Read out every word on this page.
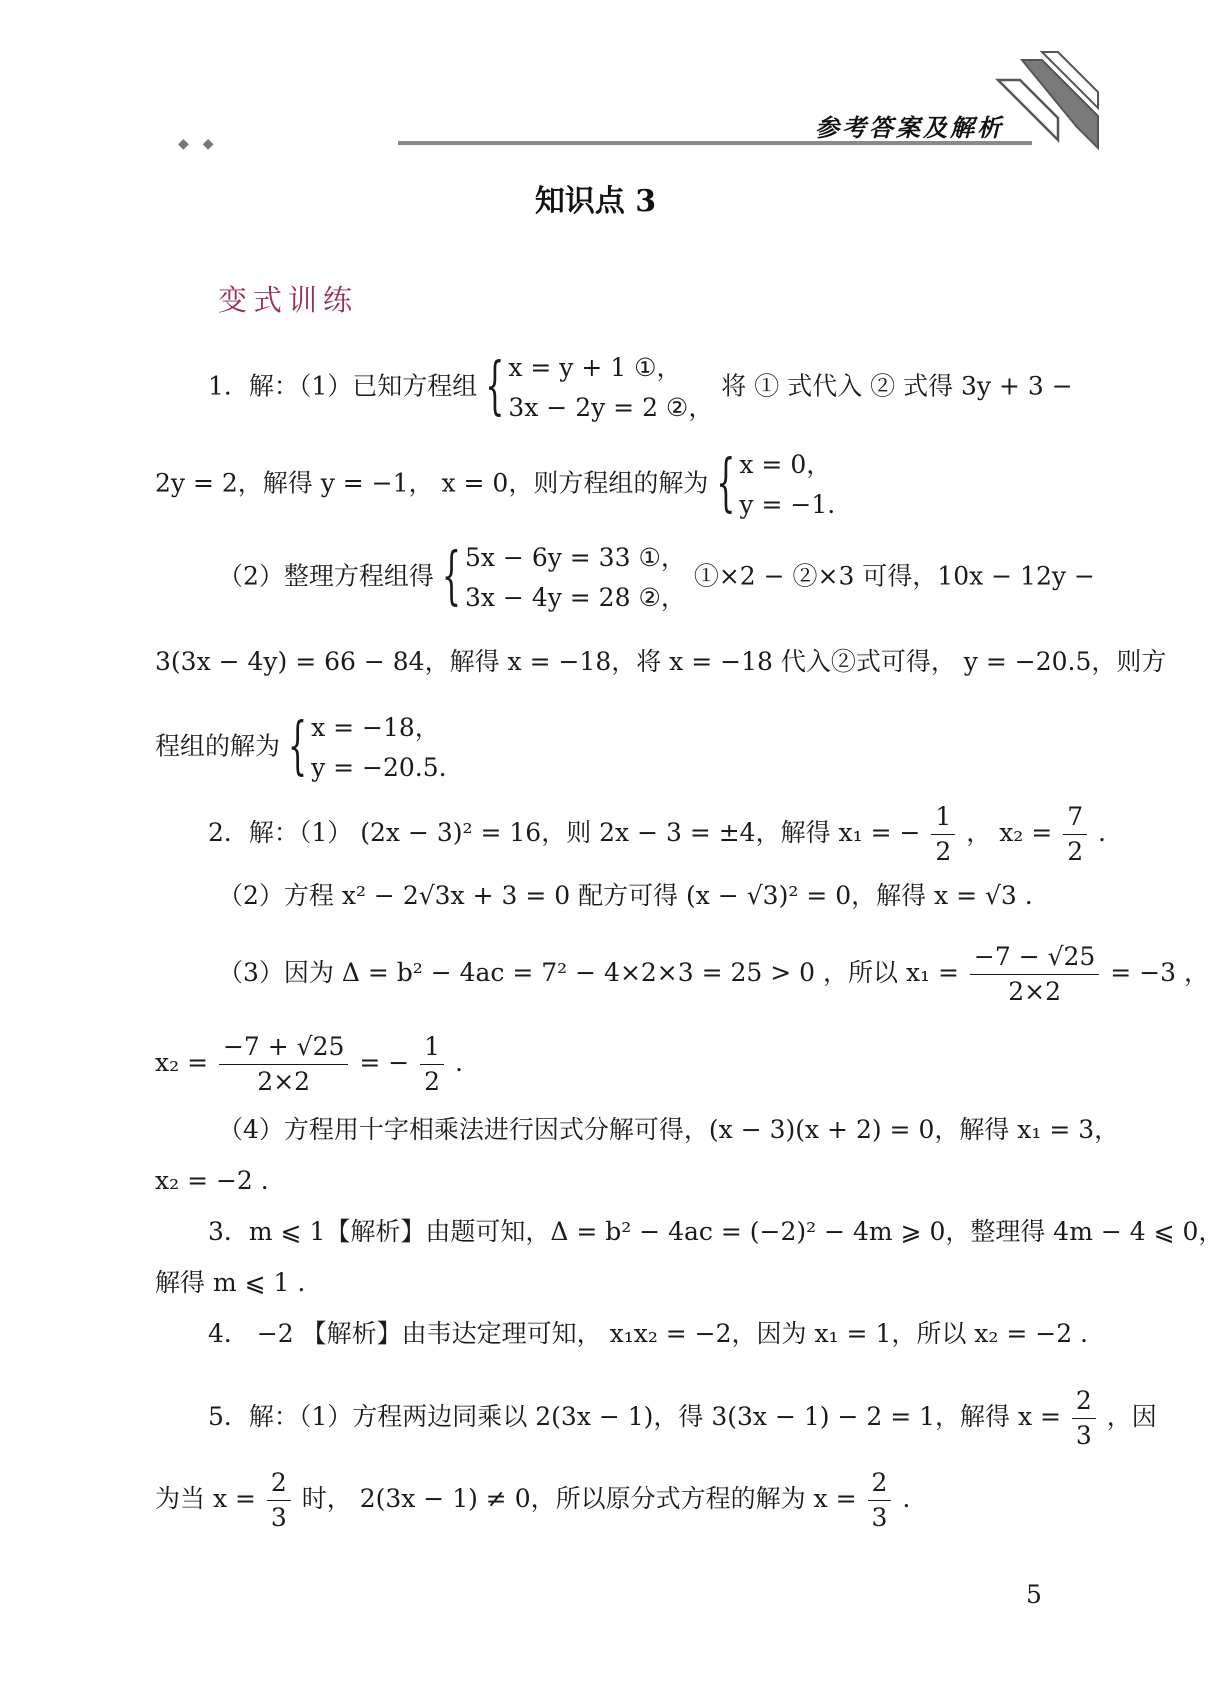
◆◆
参考答案及解析
知识点 3
变式训练
1．解：（1）已知方程组 { x = y + 1 ①，
3x − 2y = 2 ②，
将 ① 式代入 ② 式得 3y + 3 −
2y = 2，解得 y = −1， x = 0，则方程组的解为 { x = 0，
y = −1.
（2）整理方程组得 { 5x − 6y = 33 ①，
3x − 4y = 28 ②，
①×2 − ②×3 可得，10x − 12y −
3(3x − 4y) = 66 − 84，解得 x = −18，将 x = −18 代入②式可得， y = −20.5，则方
程组的解为 { x = −18，
y = −20.5.
2．解：（1） (2x − 3)² = 16，则 2x − 3 = ±4，解得 x₁ = − $\frac{1}{2}$ ， $x_2 = \frac{7}{2}$ .
（2）方程 x² − 2√3x + 3 = 0 配方可得 (x − √3)² = 0，解得 x = √3 .
（3）因为 Δ = b² − 4ac = 7² − 4×2×3 = 25 > 0 ，所以 $x_1 = \frac{-7 - √25}{2\times 2} = -3$ ，
$x_2 = \frac{-7 + √25}{2\times 2}$ = − $\frac{1}{2}$ .
（4）方程用十字相乘法进行因式分解可得，(x − 3)(x + 2) = 0，解得 x₁ = 3，
x₂ = −2 .
3．m ⩽ 1【解析】由题可知，Δ = b² − 4ac = (−2)² − 4m ⩾ 0，整理得 4m − 4 ⩽ 0，
解得 m ⩽ 1 .
4． −2 【解析】由韦达定理可知， x₁x₂ = −2，因为 x₁ = 1，所以 x₂ = −2 .
5．解：（1）方程两边同乘以 2(3x − 1)，得 3(3x − 1) − 2 = 1，解得 $x = \frac{2}{3}$ ，因
为当 $x = \frac{2}{3}$ 时， 2(3x − 1) ≠ 0，所以原分式方程的解为 $x = \frac{2}{3}$ .
5
